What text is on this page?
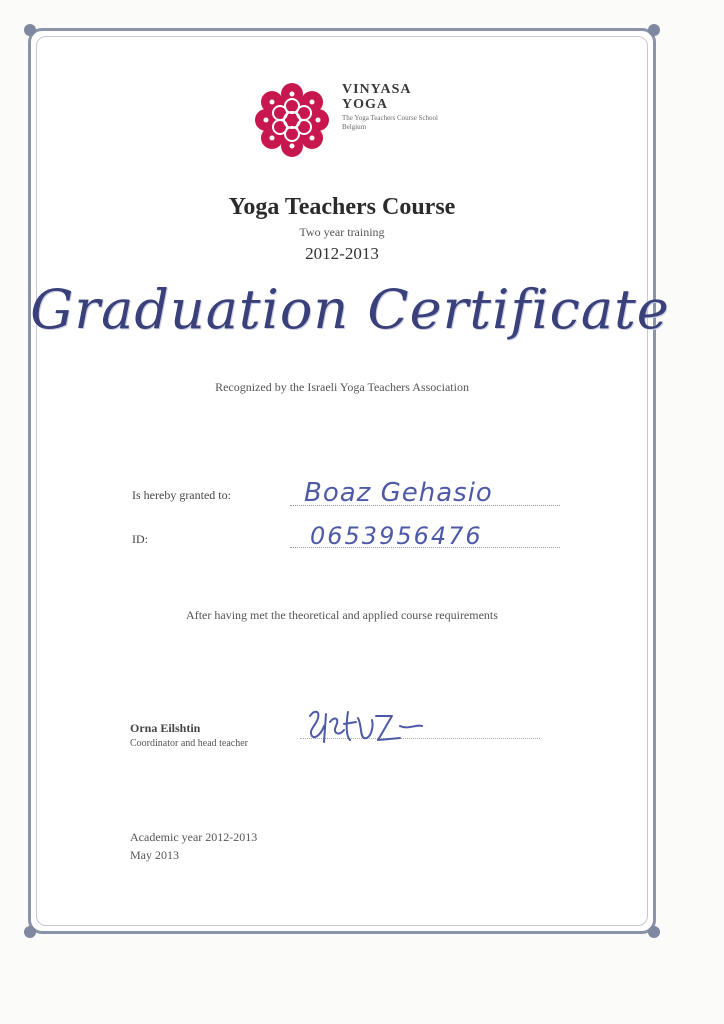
VINYASA
YOGA
The Yoga Teachers Course School Belgium
Yoga Teachers Course
Two year training
2012-2013
Graduation Certificate
Recognized by the Israeli Yoga Teachers Association
Is hereby granted to:	Boaz Gehasio
ID:	0653956476
After having met the theoretical and applied course requirements
Orna Eilshtin
Coordinator and head teacher
Academic year 2012-2013
May 2013
